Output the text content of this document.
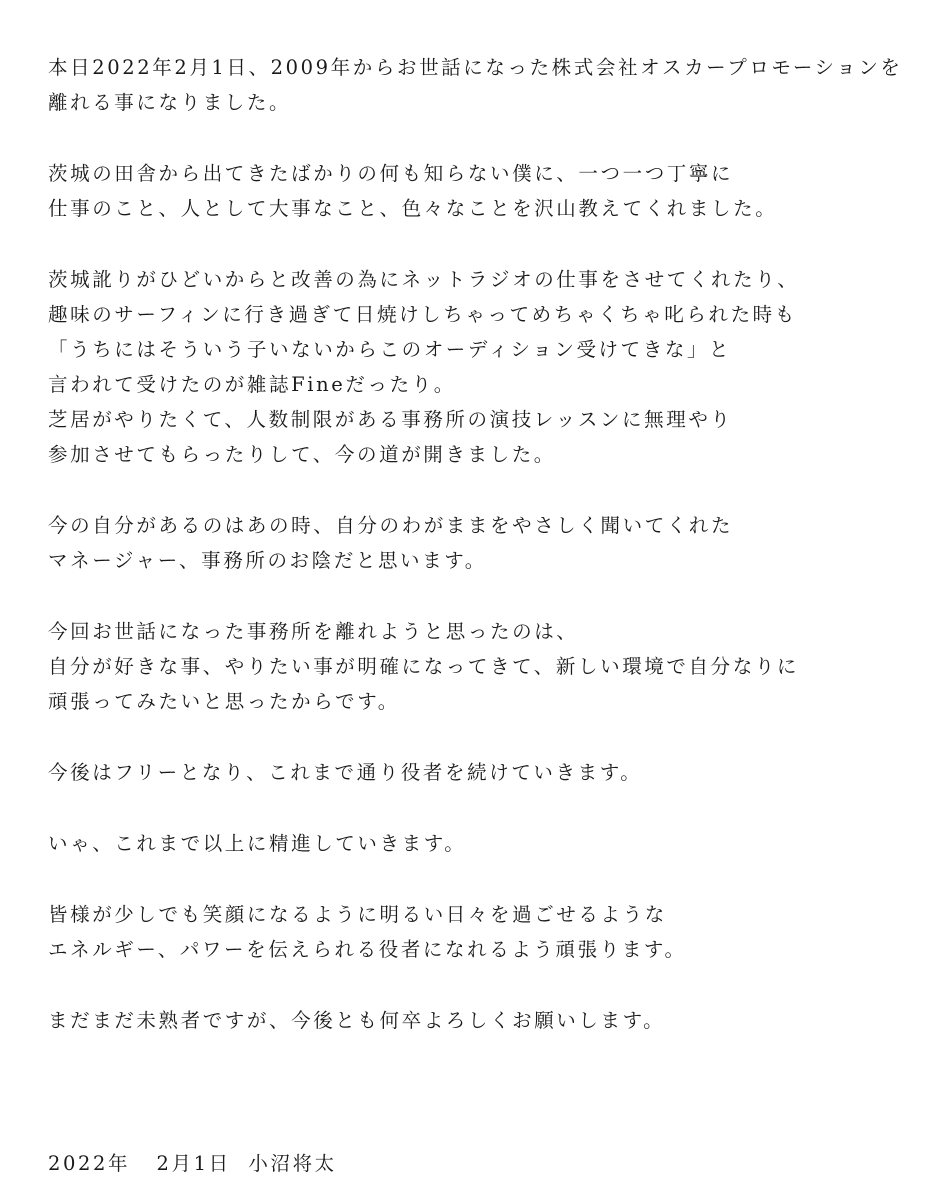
本日2022年2月1日、2009年からお世話になった株式会社オスカープロモーションを
離れる事になりました。
茨城の田舎から出てきたばかりの何も知らない僕に、一つ一つ丁寧に
仕事のこと、人として大事なこと、色々なことを沢山教えてくれました。
茨城訛りがひどいからと改善の為にネットラジオの仕事をさせてくれたり、
趣味のサーフィンに行き過ぎて日焼けしちゃってめちゃくちゃ叱られた時も
「うちにはそういう子いないからこのオーディション受けてきな」と
言われて受けたのが雑誌Fineだったり。
芝居がやりたくて、人数制限がある事務所の演技レッスンに無理やり
参加させてもらったりして、今の道が開きました。
今の自分があるのはあの時、自分のわがままをやさしく聞いてくれた
マネージャー、事務所のお陰だと思います。
今回お世話になった事務所を離れようと思ったのは、
自分が好きな事、やりたい事が明確になってきて、新しい環境で自分なりに
頑張ってみたいと思ったからです。
今後はフリーとなり、これまで通り役者を続けていきます。
いゃ、これまで以上に精進していきます。
皆様が少しでも笑顔になるように明るい日々を過ごせるような
エネルギー、パワーを伝えられる役者になれるよう頑張ります。
まだまだ未熟者ですが、今後とも何卒よろしくお願いします。
2022年 2月1日 小沼将太
